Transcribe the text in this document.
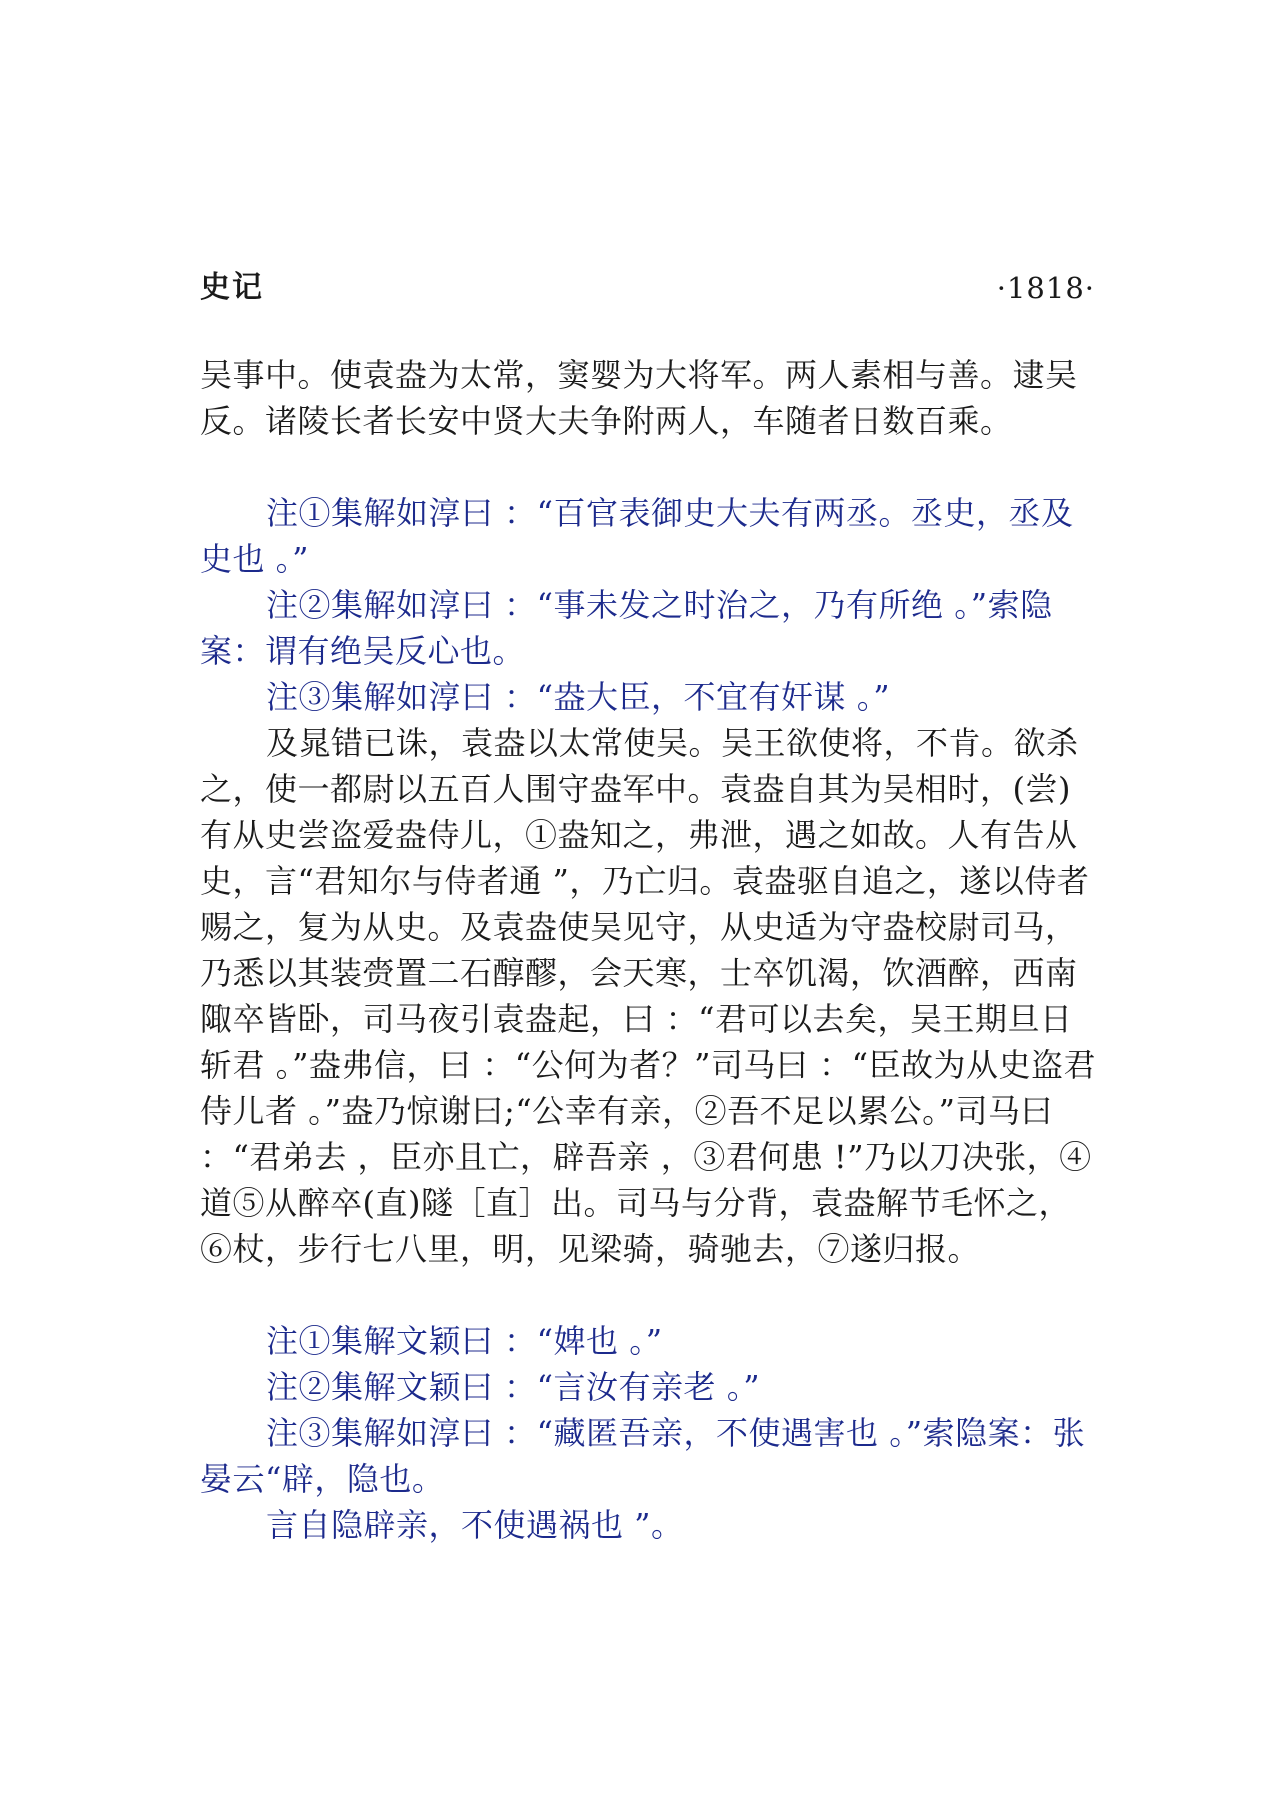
史记	·1818·

吴事中。使袁盎为太常，窦婴为大将军。两人素相与善。逮吴反。诸陵长者长安中贤大夫争附两人，车随者日数百乘。

注①集解如淳曰 ：“百官表御史大夫有两丞。丞史，丞及史也 。”

注②集解如淳曰 ：“事未发之时治之，乃有所绝 。”索隐案：谓有绝吴反心也。

注③集解如淳曰 ：“盎大臣，不宜有奸谋 。”

及晁错已诛，袁盎以太常使吴。吴王欲使将，不肯。欲杀之，使一都尉以五百人围守盎军中。袁盎自其为吴相时，(尝)有从史尝盗爱盎侍儿，①盎知之，弗泄，遇之如故。人有告从史，言“君知尔与侍者通 ”，乃亡归。袁盎驱自追之，遂以侍者赐之，复为从史。及袁盎使吴见守，从史适为守盎校尉司马，乃悉以其装赍置二石醇醪，会天寒，士卒饥渴，饮酒醉，西南陬卒皆卧，司马夜引袁盎起，曰 ：“君可以去矣，吴王期旦日斩君 。”盎弗信，曰 ：“公何为者？”司马曰 ：“臣故为从史盗君侍儿者 。”盎乃惊谢曰;“公幸有亲，②吾不足以累公。”司马曰 ：“君弟去 ，臣亦且亡，辟吾亲 ，③君何患 !”乃以刀决张，④道⑤从醉卒(直)隧［直］出。司马与分背，袁盎解节毛怀之，⑥杖，步行七八里，明，见梁骑，骑驰去，⑦遂归报。

注①集解文颖曰 ：“婢也 。”

注②集解文颖曰 ：“言汝有亲老 。”

注③集解如淳曰 ：“藏匿吾亲，不使遇害也 。”索隐案：张晏云“辟，隐也。

言自隐辟亲，不使遇祸也 ”。
